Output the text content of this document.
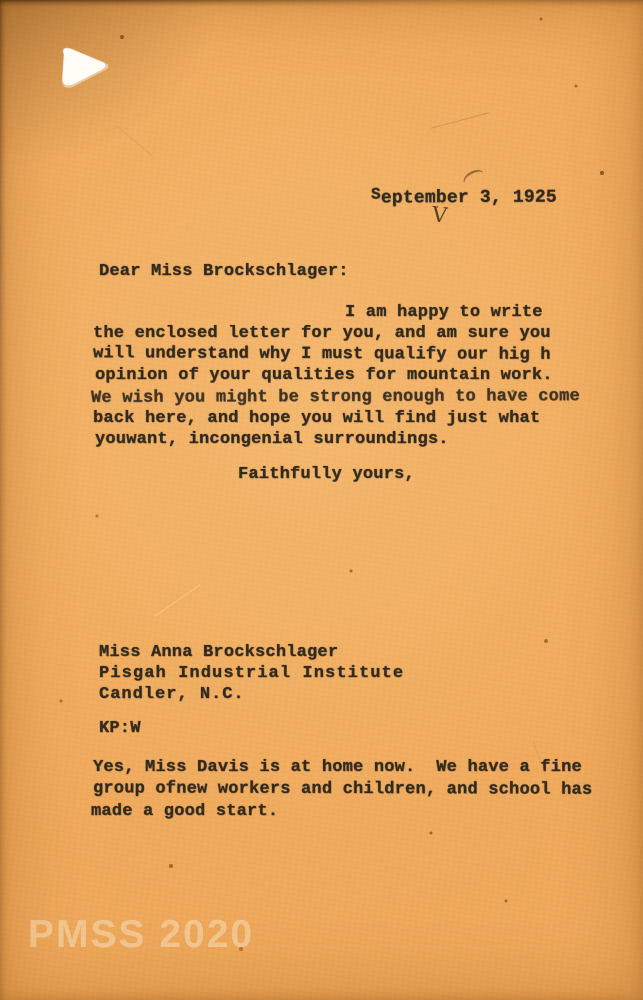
September 3, 1925
(
V
Dear Miss Brockschlager:
I am happy to write
the enclosed letter for you, and am sure you
will understand why I must qualify our hig h
opinion of your qualities for mountain work.
We wish you might be strong enough to have come
back here, and hope you will find just what
youwant, incongenial surroundings.
Faithfully yours,
Miss Anna Brockschlager
Pisgah Industrial Institute
Candler, N.C.
KP:W
Yes, Miss Davis is at home now.  We have a fine
group ofnew workers and children, and school has
made a good start.
PMSS 2020
